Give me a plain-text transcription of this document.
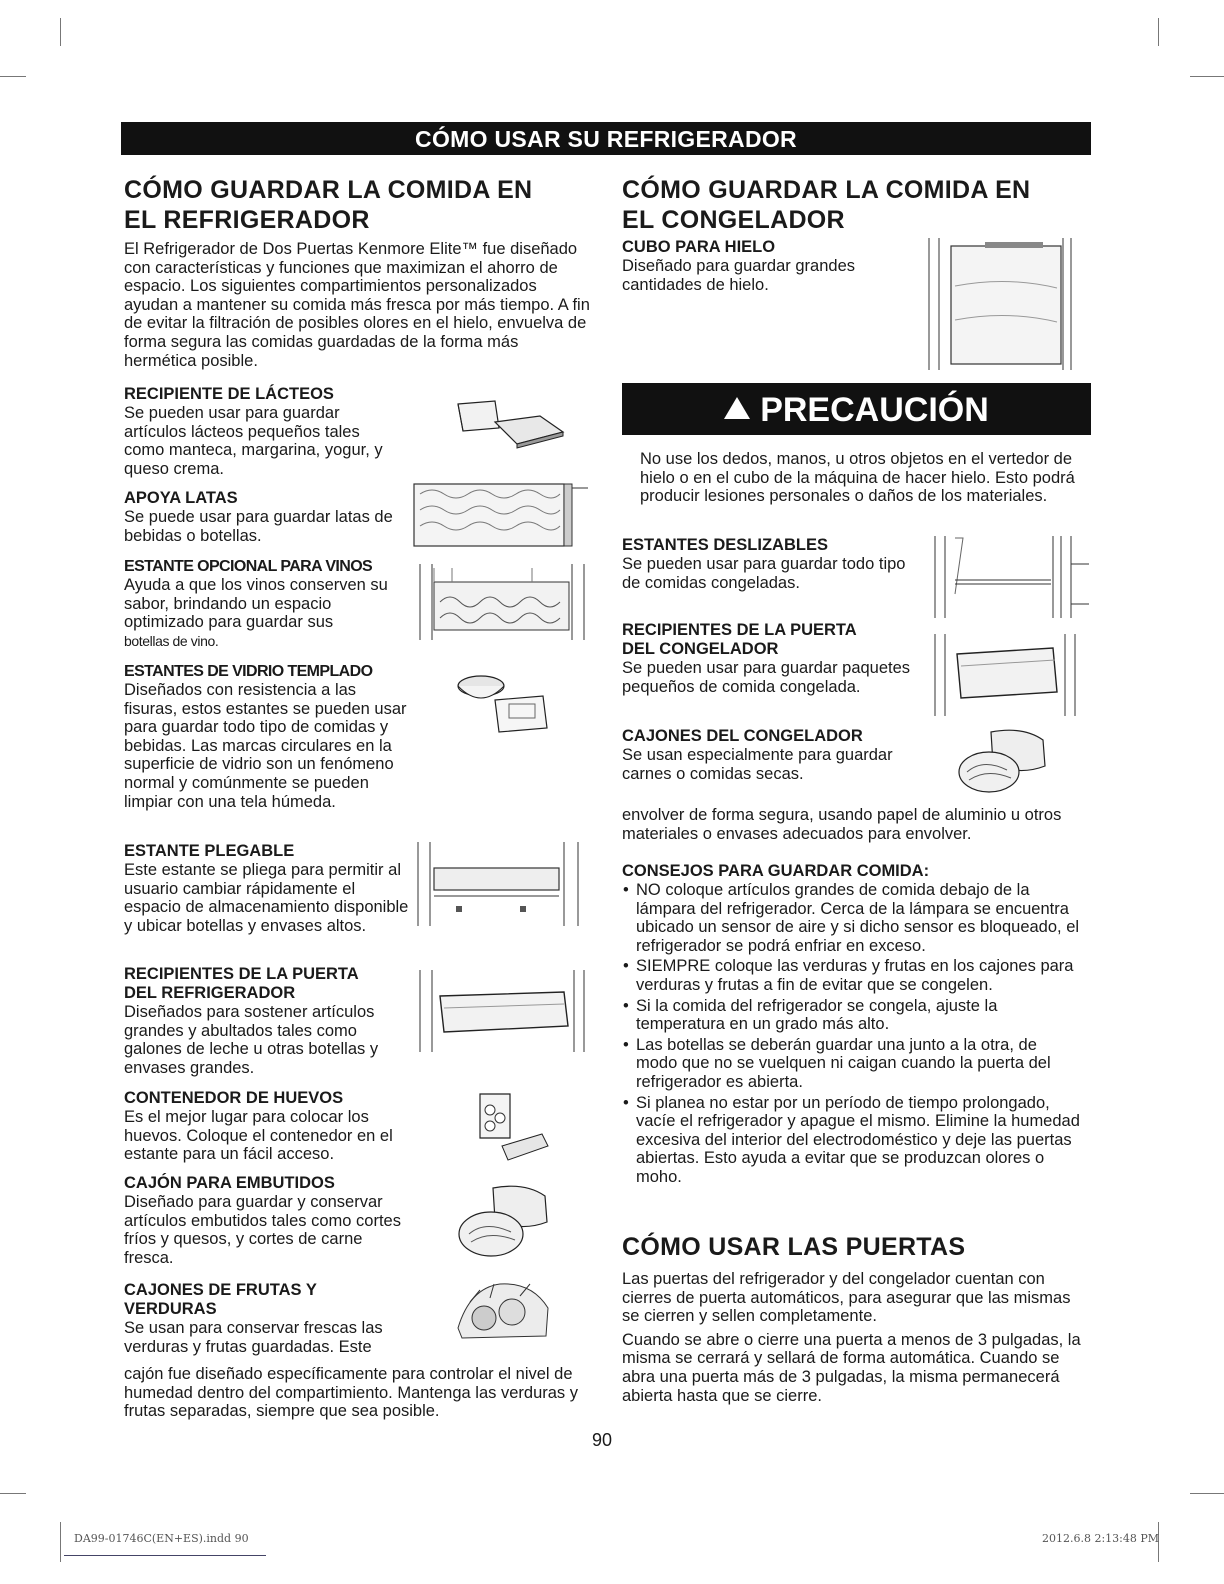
CÓMO USAR SU REFRIGERADOR
CÓMO GUARDAR LA COMIDA EN
EL REFRIGERADOR

El Refrigerador de Dos Puertas Kenmore Elite™ fue diseñado con características y funciones que maximizan el ahorro de espacio. Los siguientes compartimientos personalizados ayudan a mantener su comida más fresca por más tiempo. A fin de evitar la filtración de posibles olores en el hielo, envuelva de forma segura las comidas guardadas de la forma más hermética posible.

RECIPIENTE DE LÁCTEOS

Se pueden usar para guardar artículos lácteos pequeños tales como manteca, margarina, yogur, y queso crema.

APOYA LATAS

Se puede usar para guardar latas de bebidas o botellas.

ESTANTE OPCIONAL PARA VINOS

Ayuda a que los vinos conserven su sabor, brindando un espacio optimizado para guardar sus

botellas de vino.

ESTANTES DE VIDRIO TEMPLADO

Diseñados con resistencia a las fisuras, estos estantes se pueden usar para guardar todo tipo de comidas y bebidas. Las marcas circulares en la superficie de vidrio son un fenómeno normal y comúnmente se pueden limpiar con una tela húmeda.

ESTANTE PLEGABLE

Este estante se pliega para permitir al usuario cambiar rápidamente el espacio de almacenamiento disponible y ubicar botellas y envases altos.

RECIPIENTES DE LA PUERTA
DEL REFRIGERADOR

Diseñados para sostener artículos grandes y abultados tales como galones de leche u otras botellas y envases grandes.

CONTENEDOR DE HUEVOS

Es el mejor lugar para colocar los huevos. Coloque el contenedor en el estante para un fácil acceso.

CAJÓN PARA EMBUTIDOS

Diseñado para guardar y conservar artículos embutidos tales como cortes fríos y quesos, y cortes de carne fresca.

CAJONES DE FRUTAS Y
VERDURAS

Se usan para conservar frescas las verduras y frutas guardadas. Este

cajón fue diseñado específicamente para controlar el nivel de humedad dentro del compartimiento. Mantenga las verduras y frutas separadas, siempre que sea posible.

CÓMO GUARDAR LA COMIDA EN
EL CONGELADOR
CUBO PARA HIELO

Diseñado para guardar grandes cantidades de hielo.

PRECAUCIÓN

No use los dedos, manos, u otros objetos en el vertedor de hielo o en el cubo de la máquina de hacer hielo. Esto podrá producir lesiones personales o daños de los materiales.

ESTANTES DESLIZABLES

Se pueden usar para guardar todo tipo de comidas congeladas.

RECIPIENTES DE LA PUERTA
DEL CONGELADOR

Se pueden usar para guardar paquetes pequeños de comida congelada.

CAJONES DEL CONGELADOR

Se usan especialmente para guardar carnes o comidas secas.

envolver de forma segura, usando papel de aluminio u otros materiales o envases adecuados para envolver.

CONSEJOS PARA GUARDAR COMIDA:
• NO coloque artículos grandes de comida debajo de la lámpara del refrigerador. Cerca de la lámpara se encuentra ubicado un sensor de aire y si dicho sensor es bloqueado, el refrigerador se podrá enfriar en exceso.
• SIEMPRE coloque las verduras y frutas en los cajones para verduras y frutas a fin de evitar que se congelen.
• Si la comida del refrigerador se congela, ajuste la temperatura en un grado más alto.
• Las botellas se deberán guardar una junto a la otra, de modo que no se vuelquen ni caigan cuando la puerta del refrigerador es abierta.
• Si planea no estar por un período de tiempo prolongado, vacíe el refrigerador y apague el mismo. Elimine la humedad excesiva del interior del electrodoméstico y deje las puertas abiertas. Esto ayuda a evitar que se produzcan olores o moho.
CÓMO USAR LAS PUERTAS

Las puertas del refrigerador y del congelador cuentan con cierres de puerta automáticos, para asegurar que las mismas se cierren y sellen completamente.

Cuando se abre o cierre una puerta a menos de 3 pulgadas, la misma se cerrará y sellará de forma automática. Cuando se abra una puerta más de 3 pulgadas, la misma permanecerá abierta hasta que se cierre.

90
DA99-01746C(EN+ES).indd 90	2012.6.8 2:13:48 PM
